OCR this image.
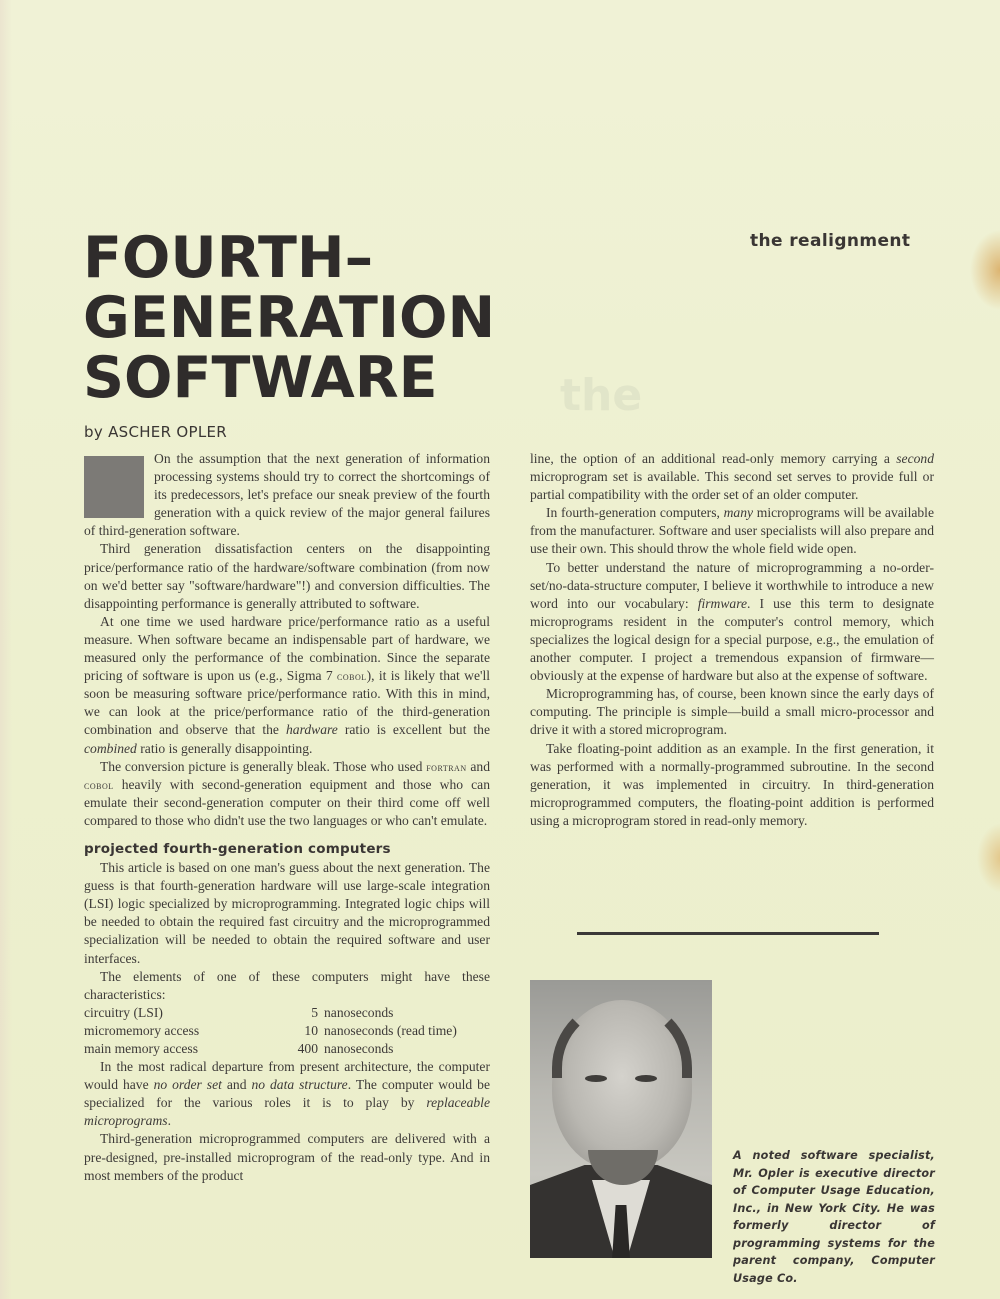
the
FOURTH–
GENERATION
SOFTWARE
by ASCHER OPLER
the realignment

On the assumption that the next generation of information processing systems should try to correct the shortcomings of its predecessors, let's preface our sneak preview of the fourth generation with a quick review of the major general failures of third-generation software.

Third generation dissatisfaction centers on the disappointing price/performance ratio of the hardware/software combination (from now on we'd better say "software/hardware"!) and conversion difficulties. The disappointing performance is generally attributed to software.

At one time we used hardware price/performance ratio as a useful measure. When software became an indispensable part of hardware, we measured only the performance of the combination. Since the separate pricing of software is upon us (e.g., Sigma 7 cobol), it is likely that we'll soon be measuring software price/performance ratio. With this in mind, we can look at the price/performance ratio of the third-generation combination and observe that the hardware ratio is excellent but the combined ratio is generally disappointing.

The conversion picture is generally bleak. Those who used fortran and cobol heavily with second-generation equipment and those who can emulate their second-generation computer on their third come off well compared to those who didn't use the two languages or who can't emulate.

projected fourth-generation computers

This article is based on one man's guess about the next generation. The guess is that fourth-generation hardware will use large-scale integration (LSI) logic specialized by microprogramming. Integrated logic chips will be needed to obtain the required fast circuitry and the microprogrammed specialization will be needed to obtain the required software and user interfaces.

The elements of one of these computers might have these characteristics:

circuitry (LSI)	5	nanoseconds
micromemory access	10	nanoseconds (read time)
main memory access	400	nanoseconds

In the most radical departure from present architecture, the computer would have no order set and no data structure. The computer would be specialized for the various roles it is to play by replaceable microprograms.

Third-generation microprogrammed computers are delivered with a pre-designed, pre-installed microprogram of the read-only type. And in most members of the product

line, the option of an additional read-only memory carrying a second microprogram set is available. This second set serves to provide full or partial compatibility with the order set of an older computer.

In fourth-generation computers, many microprograms will be available from the manufacturer. Software and user specialists will also prepare and use their own. This should throw the whole field wide open.

To better understand the nature of microprogramming a no-order-set/no-data-structure computer, I believe it worthwhile to introduce a new word into our vocabulary: firmware. I use this term to designate microprograms resident in the computer's control memory, which specializes the logical design for a special purpose, e.g., the emulation of another computer. I project a tremendous expansion of firmware—obviously at the expense of hardware but also at the expense of software.

Microprogramming has, of course, been known since the early days of computing. The principle is simple—build a small micro-processor and drive it with a stored microprogram.

Take floating-point addition as an example. In the first generation, it was performed with a normally-programmed subroutine. In the second generation, it was implemented in circuitry. In third-generation microprogrammed computers, the floating-point addition is performed using a microprogram stored in read-only memory.

A noted software specialist, Mr. Opler is executive director of Computer Usage Education, Inc., in New York City. He was formerly director of programming systems for the parent company, Computer Usage Co.
